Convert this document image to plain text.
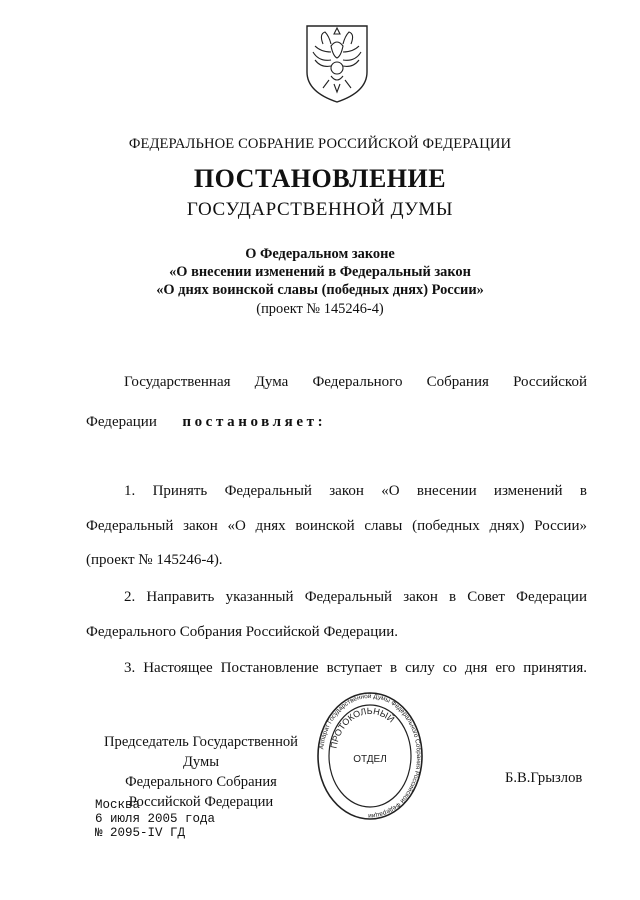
ФЕДЕРАЛЬНОЕ СОБРАНИЕ РОССИЙСКОЙ ФЕДЕРАЦИИ
ПОСТАНОВЛЕНИЕ
ГОСУДАРСТВЕННОЙ ДУМЫ
О Федеральном законе
«О внесении изменений в Федеральный закон
«О днях воинской славы (победных днях) России»
(проект № 145246-4)
Государственная Дума Федерального Собрания Российской
Федерации постановляет:
1. Принять Федеральный закон «О внесении изменений в
Федеральный закон «О днях воинской славы (победных днях) России»
(проект № 145246-4).
2. Направить указанный Федеральный закон в Совет Федерации
Федерального Собрания Российской Федерации.
3. Настоящее Постановление вступает в силу со дня его принятия.
Председатель Государственной Думы
Федерального Собрания
Российской Федерации
Б.В.Грызлов
Аппарат Государственной Думы Федерального Собрания Российской Федерации
ПРОТОКОЛЬНЫЙ
ОТДЕЛ
Москва
6 июля 2005 года
№ 2095-IV ГД
